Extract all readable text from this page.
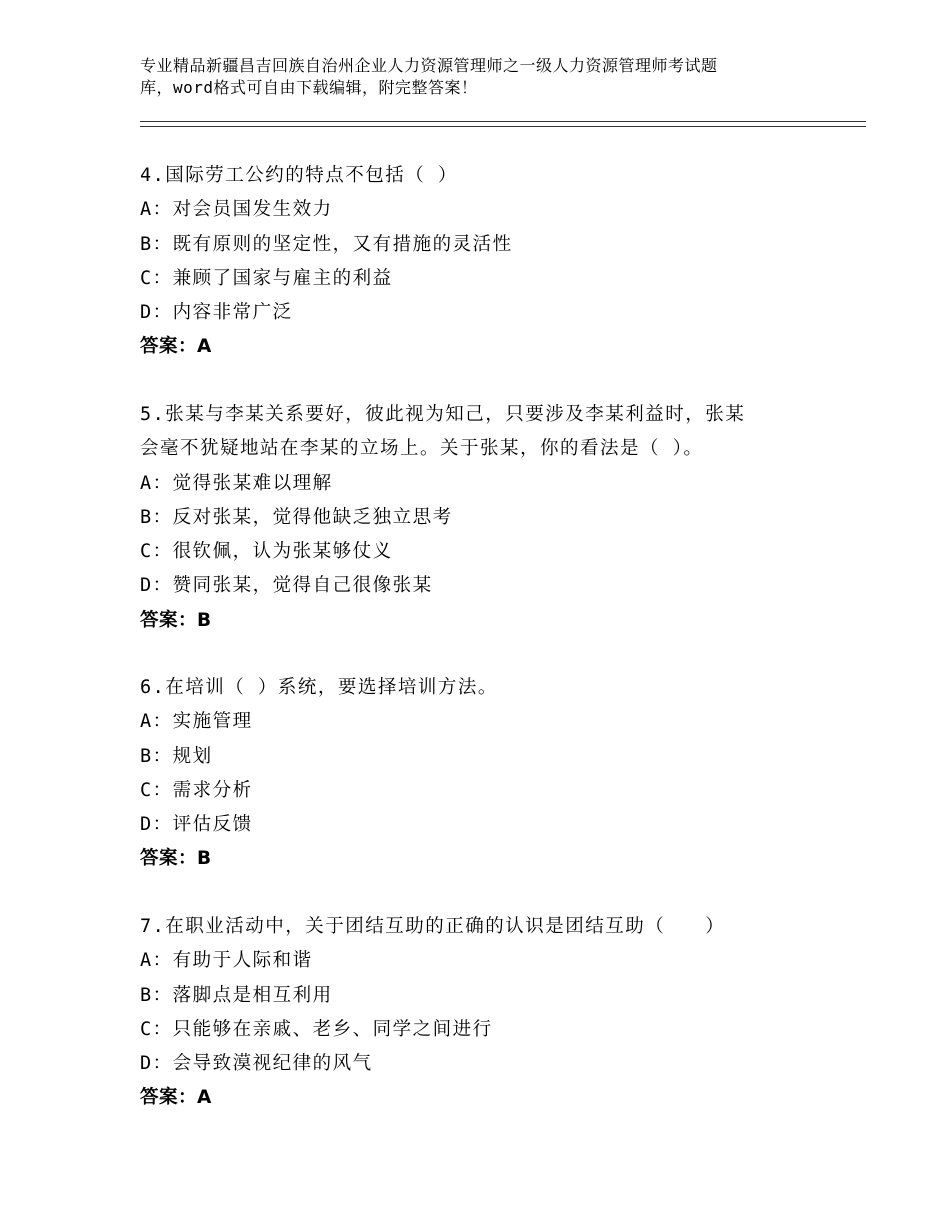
专业精品新疆昌吉回族自治州企业人力资源管理师之一级人力资源管理师考试题
库，word格式可自由下载编辑，附完整答案！
4.国际劳工公约的特点不包括（ ）
A：对会员国发生效力
B：既有原则的坚定性，又有措施的灵活性
C：兼顾了国家与雇主的利益
D：内容非常广泛
答案：A
5.张某与李某关系要好，彼此视为知己，只要涉及李某利益时，张某
会毫不犹疑地站在李某的立场上。关于张某，你的看法是（ ）。
A：觉得张某难以理解
B：反对张某，觉得他缺乏独立思考
C：很钦佩，认为张某够仗义
D：赞同张某，觉得自己很像张某
答案：B
6.在培训（ ）系统，要选择培训方法。
A：实施管理
B：规划
C：需求分析
D：评估反馈
答案：B
7.在职业活动中，关于团结互助的正确的认识是团结互助（　　）
A：有助于人际和谐
B：落脚点是相互利用
C：只能够在亲戚、老乡、同学之间进行
D：会导致漠视纪律的风气
答案：A
